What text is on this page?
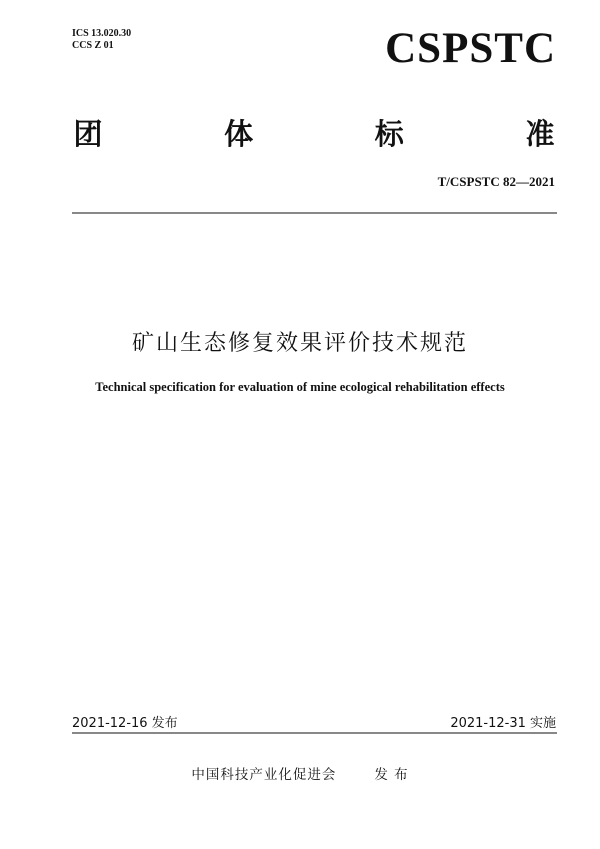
ICS 13.020.30
CCS Z 01	CSPSTC
团	体	标	准
T/CSPSTC 82—2021
矿山生态修复效果评价技术规范
Technical specification for evaluation of mine ecological rehabilitation effects
2021-12-16 发布	2021-12-31 实施
中国科技产业化促进会	发 布
